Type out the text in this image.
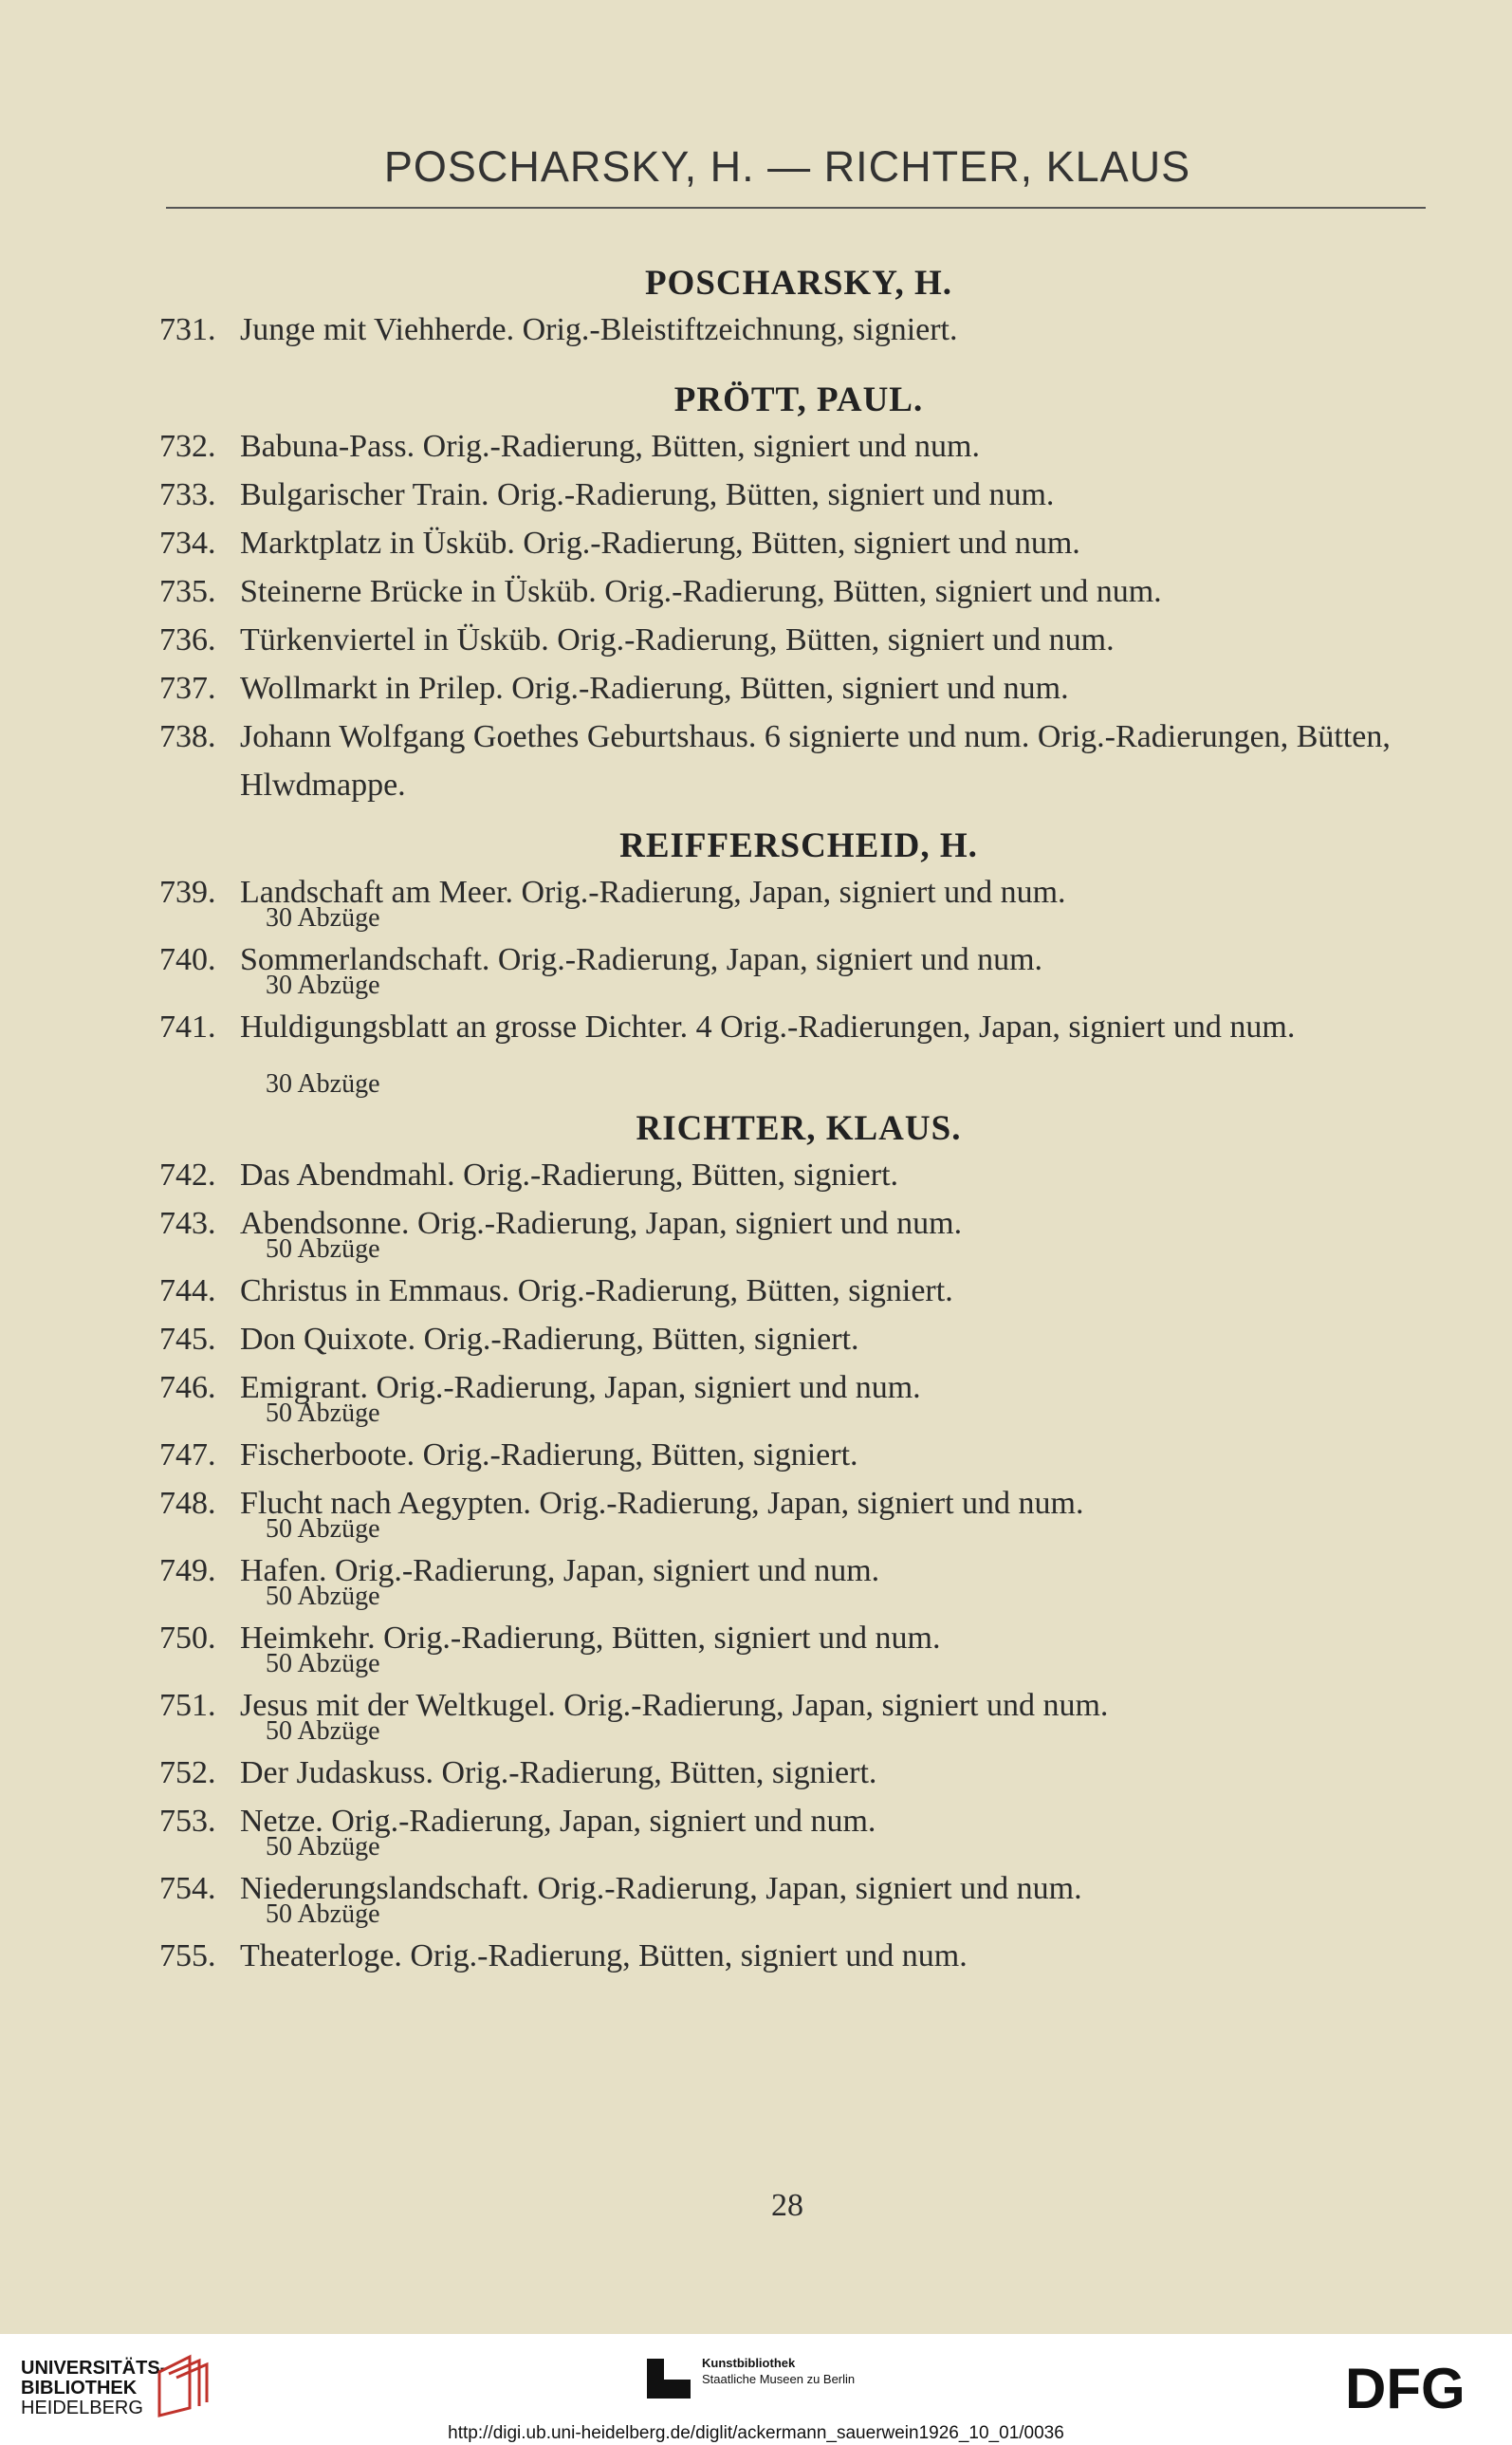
POSCHARSKY, H. — RICHTER, KLAUS
POSCHARSKY, H.
731. Junge mit Viehherde. Orig.-Bleistiftzeichnung, signiert.
PRÖTT, PAUL.
732. Babuna-Pass. Orig.-Radierung, Bütten, signiert und num.
733. Bulgarischer Train. Orig.-Radierung, Bütten, signiert und num.
734. Marktplatz in Üsküb. Orig.-Radierung, Bütten, signiert und num.
735. Steinerne Brücke in Üsküb. Orig.-Radierung, Bütten, signiert und num.
736. Türkenviertel in Üsküb. Orig.-Radierung, Bütten, signiert und num.
737. Wollmarkt in Prilep. Orig.-Radierung, Bütten, signiert und num.
738. Johann Wolfgang Goethes Geburtshaus. 6 signierte und num. Orig.-Radierungen, Bütten, Hlwdmappe.
REIFFERSCHEID, H.
739. Landschaft am Meer. Orig.-Radierung, Japan, signiert und num.
30 Abzüge
740. Sommerlandschaft. Orig.-Radierung, Japan, signiert und num.
30 Abzüge
741. Huldigungsblatt an grosse Dichter. 4 Orig.-Radierungen, Japan, signiert und num.
30 Abzüge
RICHTER, KLAUS.
742. Das Abendmahl. Orig.-Radierung, Bütten, signiert.
743. Abendsonne. Orig.-Radierung, Japan, signiert und num.
50 Abzüge
744. Christus in Emmaus. Orig.-Radierung, Bütten, signiert.
745. Don Quixote. Orig.-Radierung, Bütten, signiert.
746. Emigrant. Orig.-Radierung, Japan, signiert und num.
50 Abzüge
747. Fischerboote. Orig.-Radierung, Bütten, signiert.
748. Flucht nach Aegypten. Orig.-Radierung, Japan, signiert und num.
50 Abzüge
749. Hafen. Orig.-Radierung, Japan, signiert und num.
50 Abzüge
750. Heimkehr. Orig.-Radierung, Bütten, signiert und num.
50 Abzüge
751. Jesus mit der Weltkugel. Orig.-Radierung, Japan, signiert und num.
50 Abzüge
752. Der Judaskuss. Orig.-Radierung, Bütten, signiert.
753. Netze. Orig.-Radierung, Japan, signiert und num.
50 Abzüge
754. Niederungslandschaft. Orig.-Radierung, Japan, signiert und num.
50 Abzüge
755. Theaterloge. Orig.-Radierung, Bütten, signiert und num.
28
UNIVERSITÄTS-
BIBLIOTHEK
HEIDELBERG
Kunstbibliothek
Staatliche Museen zu Berlin	DFG
http://digi.ub.uni-heidelberg.de/diglit/ackermann_sauerwein1926_10_01/0036
